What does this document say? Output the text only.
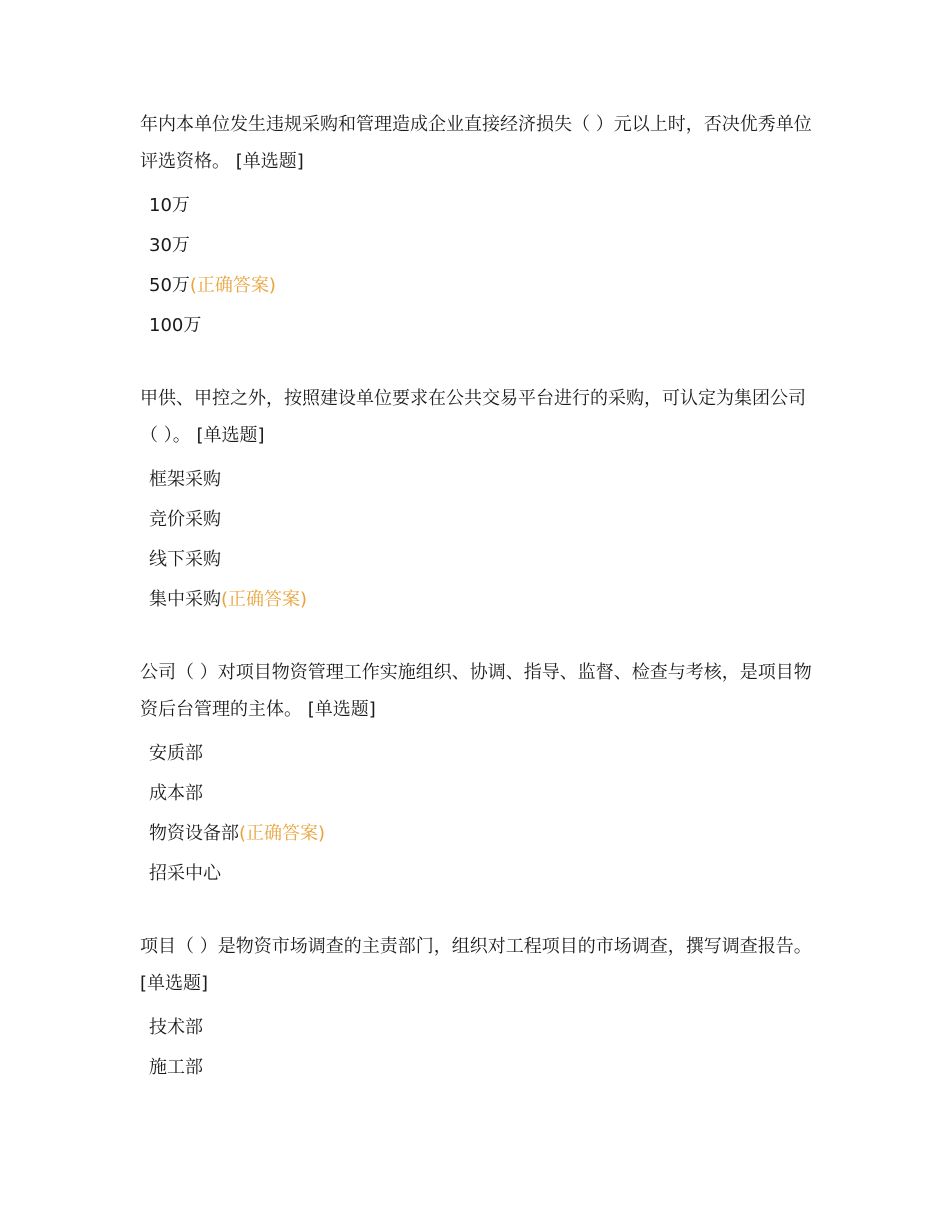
年内本单位发生违规采购和管理造成企业直接经济损失（ ）元以上时，否决优秀单位评选资格。 [单选题]

10万
30万
50万(正确答案)
100万

甲供、甲控之外，按照建设单位要求在公共交易平台进行的采购，可认定为集团公司（ ）。 [单选题]

框架采购
竞价采购
线下采购
集中采购(正确答案)

公司（ ）对项目物资管理工作实施组织、协调、指导、监督、检查与考核，是项目物资后台管理的主体。 [单选题]

安质部
成本部
物资设备部(正确答案)
招采中心

项目（ ）是物资市场调查的主责部门，组织对工程项目的市场调查，撰写调查报告。 [单选题]

技术部
施工部
